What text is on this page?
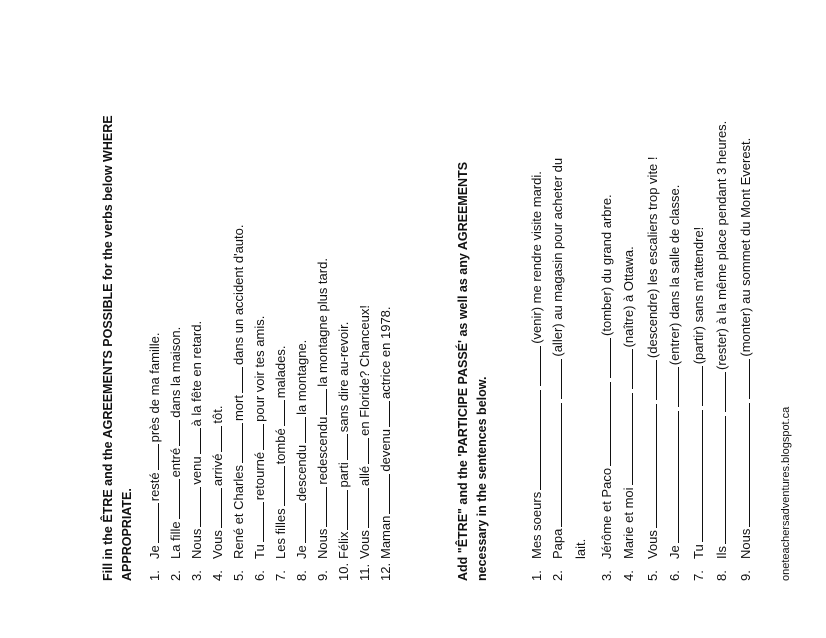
Fill in the ÊTRE and the AGREEMENTS POSSIBLE for the verbs below WHERE APPROPRIATE. 1.Jerestéprès de ma famille.
2.La filleentrédans la maison.
3.Nousvenuà la fête en retard.
4.Vousarrivétôt.
5.René et Charlesmortdans un accident d'auto.
6.Turetournépour voir tes amis.
7.Les fillestombémalades.
8.Jedescendula montagne.
9.Nousredescendula montagne plus tard.
10.Félixpartisans dire au-revoir.
11.Vousalléen Floride? Chanceux!
12.Mamandevenuactrice en 1978.	Add "ÊTRE" and the 'PARTICIPE PASSÉ' as well as any AGREEMENTS necessary in the sentences below.	1.Mes soeurs(venir) me rendre visite mardi.
2.Papa(aller) au magasin pour acheter du
lait.
3.Jérôme et Paco(tomber) du grand arbre.
4.Marie et moi(naître) à Ottawa.
5.Vous(descendre) les escaliers trop vite !
6.Je(entrer) dans la salle de classe.
7.Tu(partir) sans m'attendre!
8.Ils(rester) à la même place pendant 3 heures.
9.Nous(monter) au sommet du Mont Everest.
oneteachersadventures.blogspot.ca
